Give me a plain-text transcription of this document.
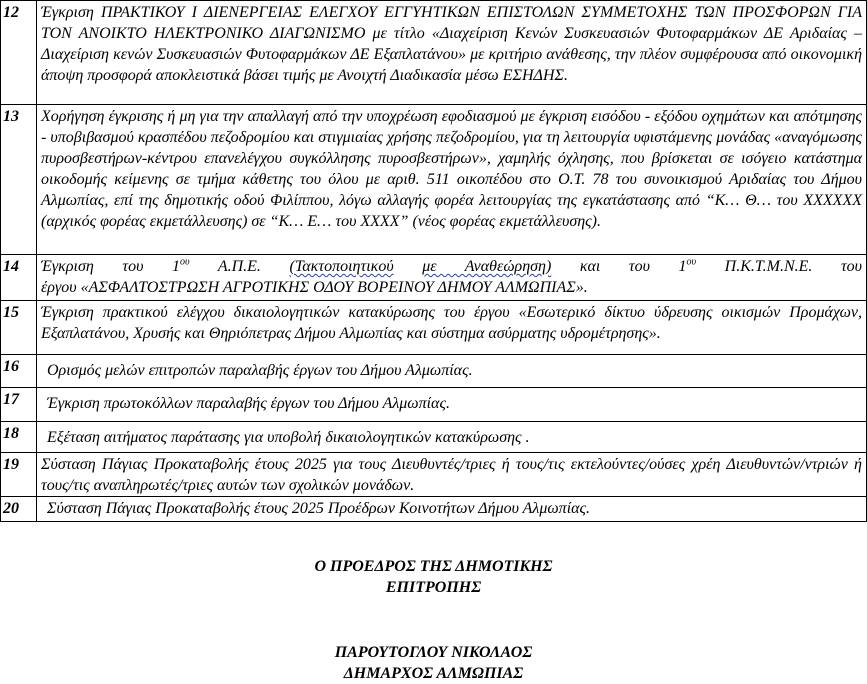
12	Έγκριση ΠΡΑΚΤΙΚΟΥ Ι ΔΙΕΝΕΡΓΕΙΑΣ ΕΛΕΓΧΟΥ ΕΓΓΥΗΤΙΚΩΝ ΕΠΙΣΤΟΛΩΝ ΣΥΜΜΕΤΟΧΗΣ ΤΩΝ ΠΡΟΣΦΟΡΩΝ ΓΙΑ ΤΟΝ ΑΝΟΙΚΤΟ ΗΛΕΚΤΡΟΝΙΚΟ ΔΙΑΓΩΝΙΣΜΟ με τίτλο «Διαχείριση Κενών Συσκευασιών Φυτοφαρμάκων ΔΕ Αριδαίας – Διαχείριση κενών Συσκευασιών Φυτοφαρμάκων ΔΕ Εξαπλατάνου» με κριτήριο ανάθεσης, την πλέον συμφέρουσα από οικονομική άποψη προσφορά αποκλειστικά βάσει τιμής με Ανοιχτή Διαδικασία μέσω ΕΣΗΔΗΣ.
13	Χορήγηση έγκρισης ή μη για την απαλλαγή από την υποχρέωση εφοδιασμού με έγκριση εισόδου - εξόδου οχημάτων και απότμησης - υποβιβασμού κρασπέδου πεζοδρομίου και στιγμιαίας χρήσης πεζοδρομίου, για τη λειτουργία υφιστάμενης μονάδας «αναγόμωσης πυροσβεστήρων-κέντρου επανελέγχου συγκόλλησης πυροσβεστήρων», χαμηλής όχλησης, που βρίσκεται σε ισόγειο κατάστημα οικοδομής κείμενης σε τμήμα κάθετης του όλου με αριθ. 511 οικοπέδου στο Ο.Τ. 78 του συνοικισμού Αριδαίας του Δήμου Αλμωπίας, επί της δημοτικής οδού Φιλίππου, λόγω αλλαγής φορέα λειτουργίας της εγκατάστασης από “Κ… Θ… του ΧΧΧΧΧΧ (αρχικός φορέας εκμετάλλευσης) σε “Κ… Ε… του ΧΧΧΧ” (νέος φορέας εκμετάλλευσης).
14	Έγκριση του $1^{o\upsilon}$ Α.Π.Ε. (Τακτοποιητικού με Αναθεώρηση) και του $1^{o\upsilon}$ Π.Κ.Τ.Μ.Ν.Ε. του
έργου «ΑΣΦΑΛΤΟΣΤΡΩΣΗ ΑΓΡΟΤΙΚΗΣ ΟΔΟΥ ΒΟΡΕΙΝΟΥ ΔΗΜΟΥ ΑΛΜΩΠΙΑΣ».

15	Έγκριση πρακτικού ελέγχου δικαιολογητικών κατακύρωσης του έργου «Εσωτερικό δίκτυο ύδρευσης οικισμών Προμάχων, Εξαπλατάνου, Χρυσής και Θηριόπετρας Δήμου Αλμωπίας και σύστημα ασύρματης υδρομέτρησης».
16	Ορισμός μελών επιτροπών παραλαβής έργων του Δήμου Αλμωπίας.
17	Έγκριση πρωτοκόλλων παραλαβής έργων του Δήμου Αλμωπίας.
18	Εξέταση αιτήματος παράτασης για υποβολή δικαιολογητικών κατακύρωσης .
19	Σύσταση Πάγιας Προκαταβολής έτους 2025 για τους Διευθυντές/τριες ή τους/τις εκτελούντες/ούσες χρέη Διευθυντών/ντριών ή τους/τις αναπληρωτές/τριες αυτών των σχολικών μονάδων.
20	Σύσταση Πάγιας Προκαταβολής έτους 2025 Προέδρων Κοινοτήτων Δήμου Αλμωπίας.
Ο ΠΡΟΕΔΡΟΣ ΤΗΣ ΔΗΜΟΤΙΚΗΣ
ΕΠΙΤΡΟΠΗΣ
ΠΑΡΟΥΤΟΓΛΟΥ ΝΙΚΟΛΑΟΣ
ΔΗΜΑΡΧΟΣ ΑΛΜΩΠΙΑΣ
